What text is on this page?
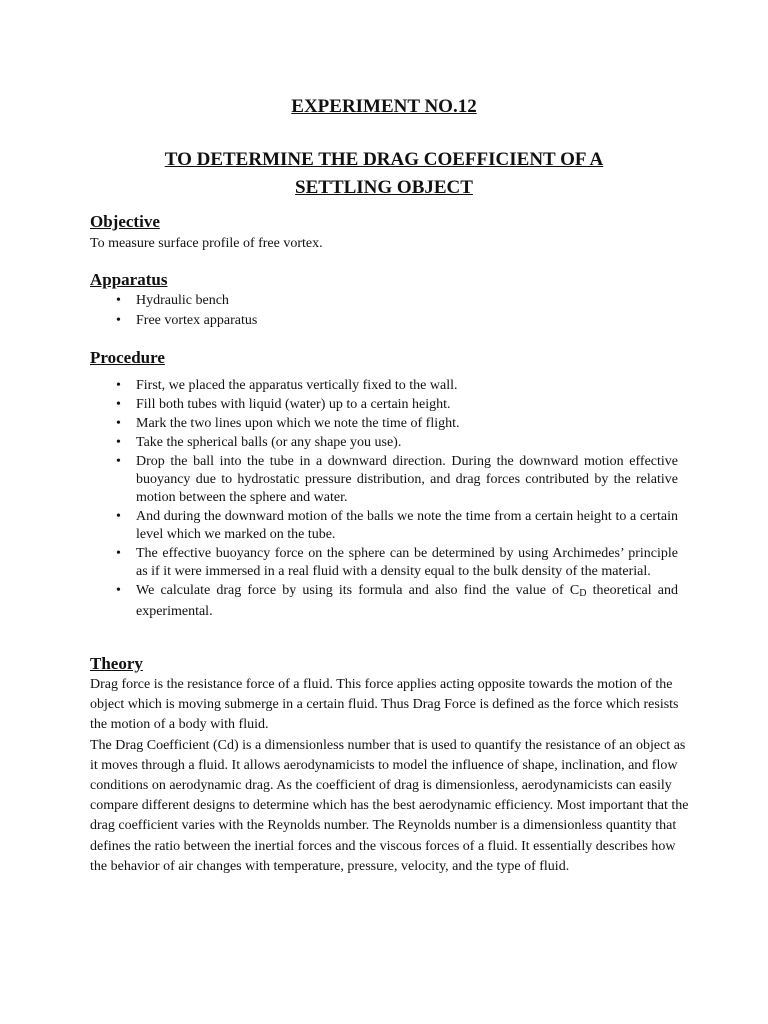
EXPERIMENT NO.12
TO DETERMINE THE DRAG COEFFICIENT OF A
SETTLING OBJECT
Objective
To measure surface profile of free vortex.
Apparatus
• Hydraulic bench
• Free vortex apparatus
Procedure
• First, we placed the apparatus vertically fixed to the wall.
• Fill both tubes with liquid (water) up to a certain height.
• Mark the two lines upon which we note the time of flight.
• Take the spherical balls (or any shape you use).
• Drop the ball into the tube in a downward direction. During the downward motion effective buoyancy due to hydrostatic pressure distribution, and drag forces contributed by the relative motion between the sphere and water.
• And during the downward motion of the balls we note the time from a certain height to a certain level which we marked on the tube.
• The effective buoyancy force on the sphere can be determined by using Archimedes’ principle as if it were immersed in a real fluid with a density equal to the bulk density of the material.
• We calculate drag force by using its formula and also find the value of $C_D$ theoretical and experimental.
Theory

Drag force is the resistance force of a fluid. This force applies acting opposite towards the motion of the object which is moving submerge in a certain fluid. Thus Drag Force is defined as the force which resists the motion of a body with fluid.

The Drag Coefficient (Cd) is a dimensionless number that is used to quantify the resistance of an object as it moves through a fluid. It allows aerodynamicists to model the influence of shape, inclination, and flow conditions on aerodynamic drag. As the coefficient of drag is dimensionless, aerodynamicists can easily compare different designs to determine which has the best aerodynamic efficiency. Most important that the drag coefficient varies with the Reynolds number. The Reynolds number is a dimensionless quantity that defines the ratio between the inertial forces and the viscous forces of a fluid. It essentially describes how the behavior of air changes with temperature, pressure, velocity, and the type of fluid.
